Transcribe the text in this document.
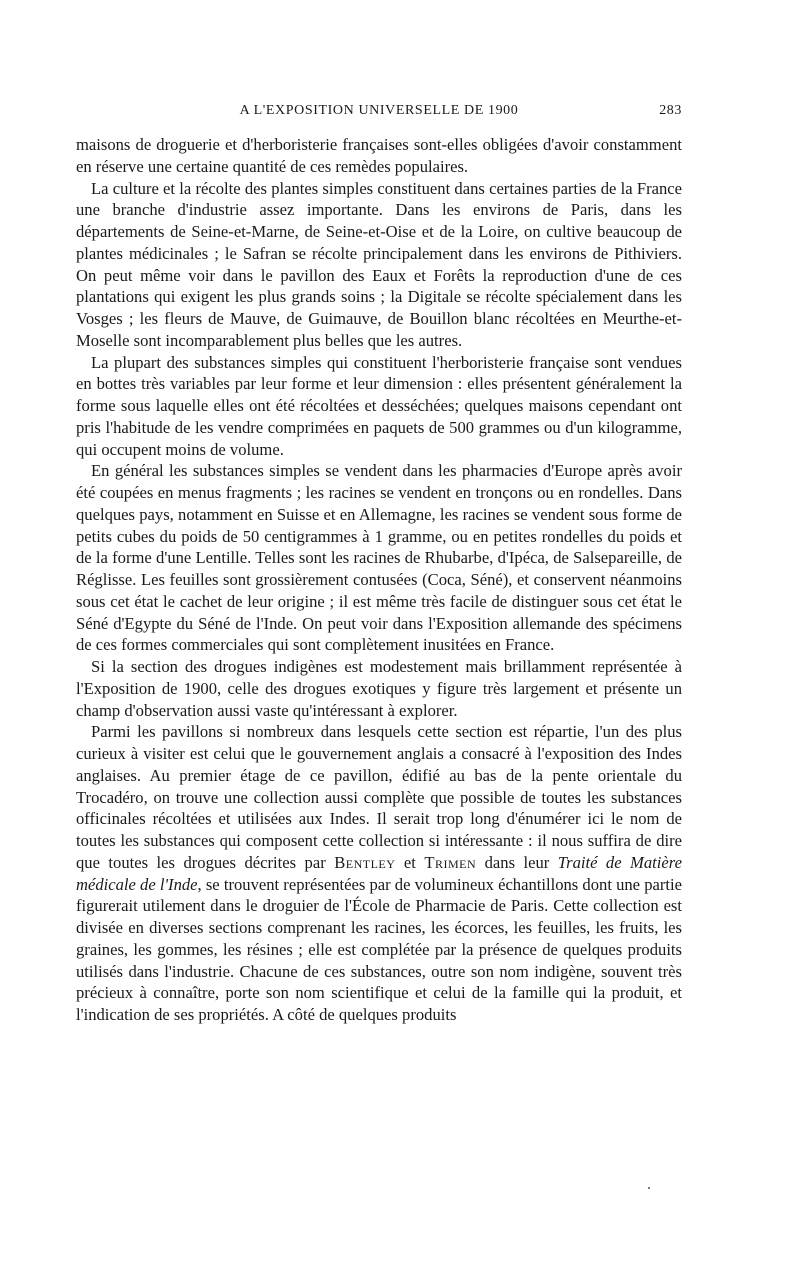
A L'EXPOSITION UNIVERSELLE DE 1900	283

maisons de droguerie et d'herboristerie françaises sont-elles obligées d'avoir constamment en réserve une certaine quantité de ces remèdes populaires.

La culture et la récolte des plantes simples constituent dans certaines parties de la France une branche d'industrie assez importante. Dans les environs de Paris, dans les départements de Seine-et-Marne, de Seine-et-Oise et de la Loire, on cultive beaucoup de plantes médicinales ; le Safran se récolte principalement dans les environs de Pithiviers. On peut même voir dans le pavillon des Eaux et Forêts la reproduction d'une de ces plantations qui exigent les plus grands soins ; la Digitale se récolte spécialement dans les Vosges ; les fleurs de Mauve, de Guimauve, de Bouillon blanc récoltées en Meurthe-et-Moselle sont incomparablement plus belles que les autres.

La plupart des substances simples qui constituent l'herboristerie française sont vendues en bottes très variables par leur forme et leur dimension : elles présentent généralement la forme sous laquelle elles ont été récoltées et desséchées; quelques maisons cependant ont pris l'habitude de les vendre comprimées en paquets de 500 grammes ou d'un kilogramme, qui occupent moins de volume.

En général les substances simples se vendent dans les pharmacies d'Europe après avoir été coupées en menus fragments ; les racines se vendent en tronçons ou en rondelles. Dans quelques pays, notamment en Suisse et en Allemagne, les racines se vendent sous forme de petits cubes du poids de 50 centigrammes à 1 gramme, ou en petites rondelles du poids et de la forme d'une Lentille. Telles sont les racines de Rhubarbe, d'Ipéca, de Salsepareille, de Réglisse. Les feuilles sont grossièrement contusées (Coca, Séné), et conservent néanmoins sous cet état le cachet de leur origine ; il est même très facile de distinguer sous cet état le Séné d'Egypte du Séné de l'Inde. On peut voir dans l'Exposition allemande des spécimens de ces formes commerciales qui sont complètement inusitées en France.

Si la section des drogues indigènes est modestement mais brillamment représentée à l'Exposition de 1900, celle des drogues exotiques y figure très largement et présente un champ d'observation aussi vaste qu'intéressant à explorer.

Parmi les pavillons si nombreux dans lesquels cette section est répartie, l'un des plus curieux à visiter est celui que le gouvernement anglais a consacré à l'exposition des Indes anglaises. Au premier étage de ce pavillon, édifié au bas de la pente orientale du Trocadéro, on trouve une collection aussi complète que possible de toutes les substances officinales récoltées et utilisées aux Indes. Il serait trop long d'énumérer ici le nom de toutes les substances qui composent cette collection si intéressante : il nous suffira de dire que toutes les drogues décrites par Bentley et Trimen dans leur Traité de Matière médicale de l'Inde, se trouvent représentées par de volumineux échantillons dont une partie figurerait utilement dans le droguier de l'École de Pharmacie de Paris. Cette collection est divisée en diverses sections comprenant les racines, les écorces, les feuilles, les fruits, les graines, les gommes, les résines ; elle est complétée par la présence de quelques produits utilisés dans l'industrie. Chacune de ces substances, outre son nom indigène, souvent très précieux à connaître, porte son nom scientifique et celui de la famille qui la produit, et l'indication de ses propriétés. A côté de quelques produits
